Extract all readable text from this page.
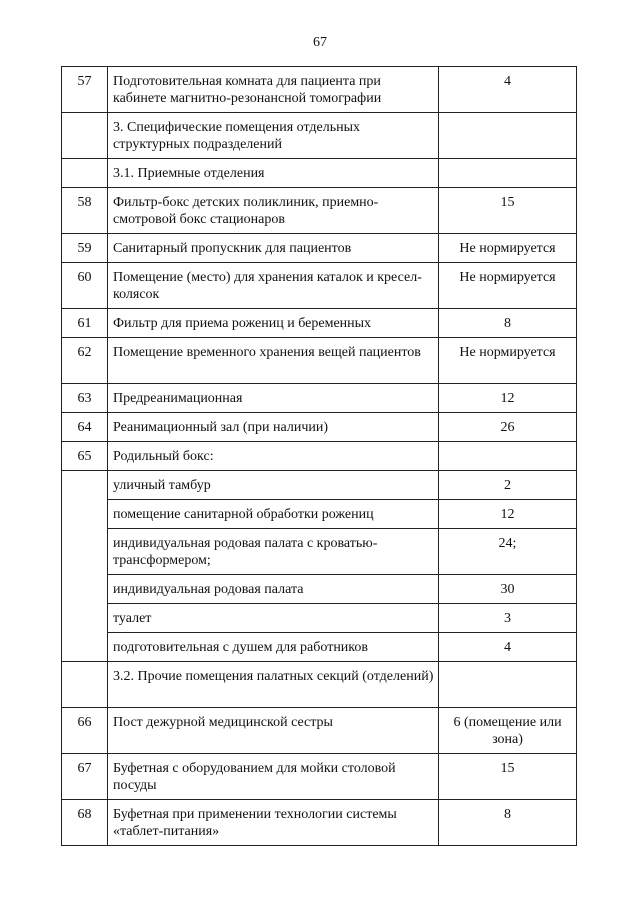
67
57	Подготовительная комната для пациента при кабинете магнитно-резонансной томографии	4

	3. Специфические помещения отдельных структурных подразделений	

	3.1. Приемные отделения	

58	Фильтр-бокс детских поликлиник, приемно-смотровой бокс стационаров	15

59	Санитарный пропускник для пациентов	Не нормируется

60	Помещение (место) для хранения каталок и кресел-колясок	Не нормируется

61	Фильтр для приема рожениц и беременных	8

62	Помещение временного хранения вещей пациентов	Не нормируется

63	Предреанимационная	12

64	Реанимационный зал (при наличии)	26

65	Родильный бокс:	

	уличный тамбур	2

	помещение санитарной обработки рожениц	12

	индивидуальная родовая палата с кроватью-трансформером;	24;

	индивидуальная родовая палата	30

	туалет	3

	подготовительная с душем для работников	4

	3.2. Прочие помещения палатных секций (отделений)	

66	Пост дежурной медицинской сестры	6 (помещение или зона)

67	Буфетная с оборудованием для мойки столовой посуды	15

68	Буфетная при применении технологии системы «таблет-питания»	8
